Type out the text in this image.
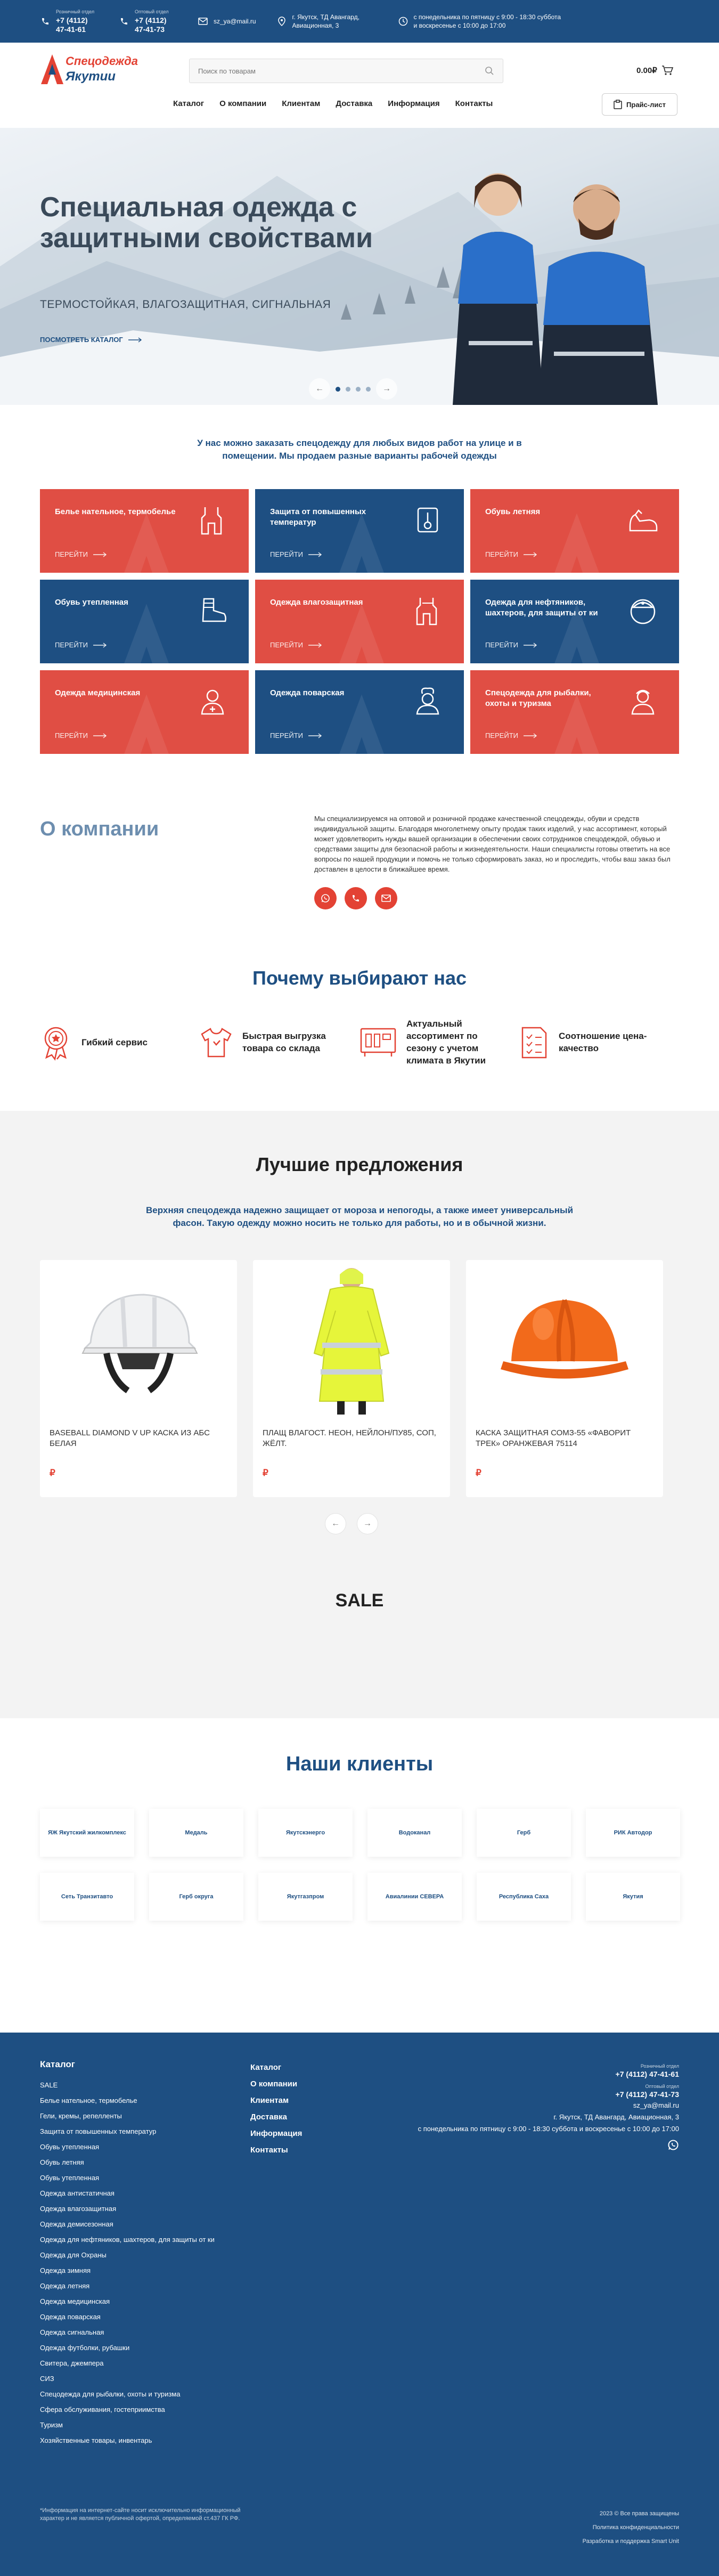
Розничный отдел
+7 (4112) 47-41-61
Оптовый отдел
+7 (4112) 47-41-73
sz_ya@mail.ru
г. Якутск, ТД Авангард, Авиационная, 3
с понедельника по пятницу с 9:00 - 18:30 суббота и воскресенье с 10:00 до 17:00
Спецодежда
Якутии
Поиск по товарам	0.00₽
Каталог О компании Клиентам Доставка Информация Контакты	Прайс-лист
Специальная одежда с защитными свойствами
ТЕРМОСТОЙКАЯ, ВЛАГОЗАЩИТНАЯ, СИГНАЛЬНАЯ
ПОСМОТРЕТЬ КАТАЛОГ
←	→
У нас можно заказать спецодежду для любых видов работ на улице и в помещении. Мы продаем разные варианты рабочей одежды
Белье нательное, термобелье
ПЕРЕЙТИ
Защита от повышенных температур
ПЕРЕЙТИ
Обувь летняя
ПЕРЕЙТИ
Обувь утепленная
ПЕРЕЙТИ
Одежда влагозащитная
ПЕРЕЙТИ
Одежда для нефтяников, шахтеров, для защиты от ки
ПЕРЕЙТИ
Одежда медицинская
ПЕРЕЙТИ
Одежда поварская
ПЕРЕЙТИ
Спецодежда для рыбалки, охоты и туризма
ПЕРЕЙТИ
О компании	Мы специализируемся на оптовой и розничной продаже качественной спецодежды, обуви и средств индивидуальной защиты. Благодаря многолетнему опыту продаж таких изделий, у нас ассортимент, который может удовлетворить нужды вашей организации в обеспечении своих сотрудников спецодеждой, обувью и средствами защиты для безопасной работы и жизнедеятельности. Наши специалисты готовы ответить на все вопросы по нашей продукции и помочь не только сформировать заказ, но и проследить, чтобы ваш заказ был доставлен в целости в ближайшее время.

Почему выбирают нас
Гибкий сервис
Быстрая выгрузка товара со склада
Актуальный ассортимент по сезону с учетом климата в Якутии
Соотношение цена-качество
Лучшие предложения
Верхняя спецодежда надежно защищает от мороза и непогоды, а также имеет универсальный фасон. Такую одежду можно носить не только для работы, но и в обычной жизни.
BASEBALL DIAMOND V UP КАСКА ИЗ АБС БЕЛАЯ
₽
ПЛАЩ ВЛАГОСТ. НЕОН, НЕЙЛОН/ПУ85, СОП, ЖЁЛТ.
₽
КАСКА ЗАЩИТНАЯ СОМЗ-55 «ФАВОРИТ ТРЕК» ОРАНЖЕВАЯ 75114
₽
←	→
SALE
Наши клиенты
ЯЖ Якутский жилкомплекс	Медаль	Якутскэнерго	Водоканал	Герб	РИК Автодор
Сеть Транзитавто	Герб округа	Якутгазпром	Авиалинии СЕВЕРА	Республика Саха	Якутия
Каталог
SALE
Белье нательное, термобелье
Гели, кремы, репелленты
Защита от повышенных температур
Обувь утепленная
Обувь летняя
Обувь утепленная
Одежда антистатичная
Одежда влагозащитная
Одежда демисезонная
Одежда для нефтяников, шахтеров, для защиты от ки
Одежда для Охраны
Одежда зимняя
Одежда летняя
Одежда медицинская
Одежда поварская
Одежда сигнальная
Одежда футболки, рубашки
Свитера, джемпера
СИЗ
Спецодежда для рыбалки, охоты и туризма
Сфера обслуживания, гостеприимства
Туризм
Хозяйственные товары, инвентарь
Каталог
О компании
Клиентам
Доставка
Информация
Контакты
Розничный отдел
+7 (4112) 47-41-61
Оптовый отдел
+7 (4112) 47-41-73
sz_ya@mail.ru
г. Якутск, ТД Авангард, Авиационная, 3
с понедельника по пятницу с 9:00 - 18:30 суббота и воскресенье с 10:00 до 17:00
*Информация на интернет-сайте носит исключительно информационный характер и не является публичной офертой, определяемой ст.437 ГК РФ.
2023 © Все права защищены
Политика конфиденциальности
Разработка и поддержка Smart Unit
